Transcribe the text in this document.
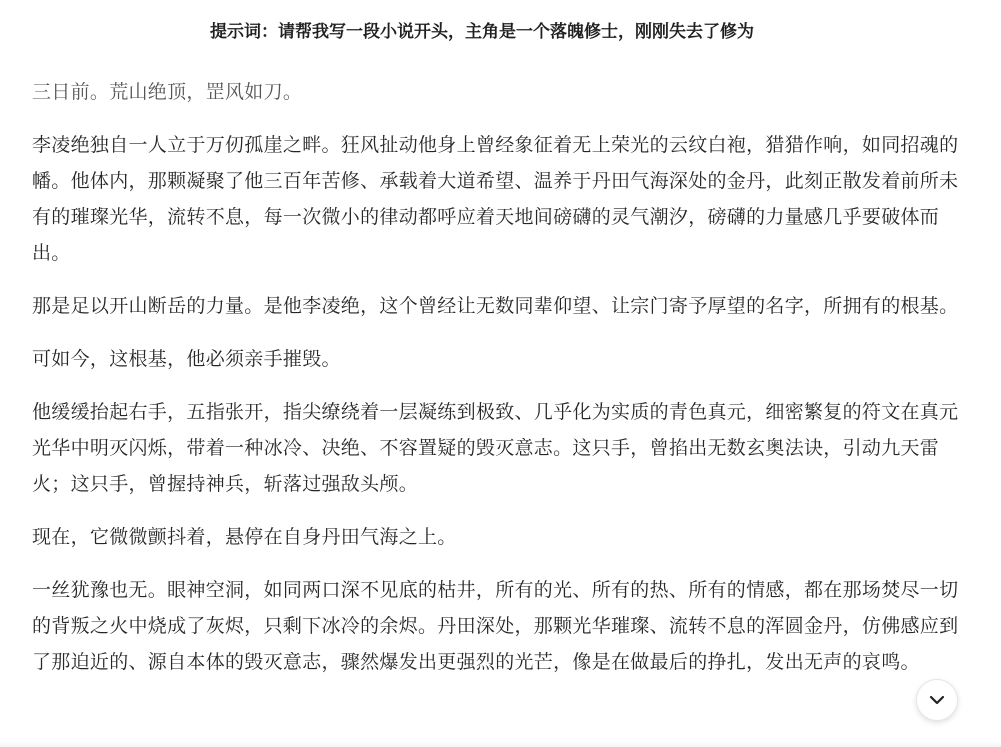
提示词：请帮我写一段小说开头，主角是一个落魄修士，刚刚失去了修为

三日前。荒山绝顶，罡风如刀。

李凌绝独自一人立于万仞孤崖之畔。狂风扯动他身上曾经象征着无上荣光的云纹白袍，猎猎作响，如同招魂的幡。他体内，那颗凝聚了他三百年苦修、承载着大道希望、温养于丹田气海深处的金丹，此刻正散发着前所未有的璀璨光华，流转不息，每一次微小的律动都呼应着天地间磅礴的灵气潮汐，磅礴的力量感几乎要破体而出。

那是足以开山断岳的力量。是他李凌绝，这个曾经让无数同辈仰望、让宗门寄予厚望的名字，所拥有的根基。

可如今，这根基，他必须亲手摧毁。

他缓缓抬起右手，五指张开，指尖缭绕着一层凝练到极致、几乎化为实质的青色真元，细密繁复的符文在真元光华中明灭闪烁，带着一种冰冷、决绝、不容置疑的毁灭意志。这只手，曾掐出无数玄奥法诀，引动九天雷火；这只手，曾握持神兵，斩落过强敌头颅。

现在，它微微颤抖着，悬停在自身丹田气海之上。

一丝犹豫也无。眼神空洞，如同两口深不见底的枯井，所有的光、所有的热、所有的情感，都在那场焚尽一切的背叛之火中烧成了灰烬，只剩下冰冷的余烬。丹田深处，那颗光华璀璨、流转不息的浑圆金丹，仿佛感应到了那迫近的、源自本体的毁灭意志，骤然爆发出更强烈的光芒，像是在做最后的挣扎，发出无声的哀鸣。
